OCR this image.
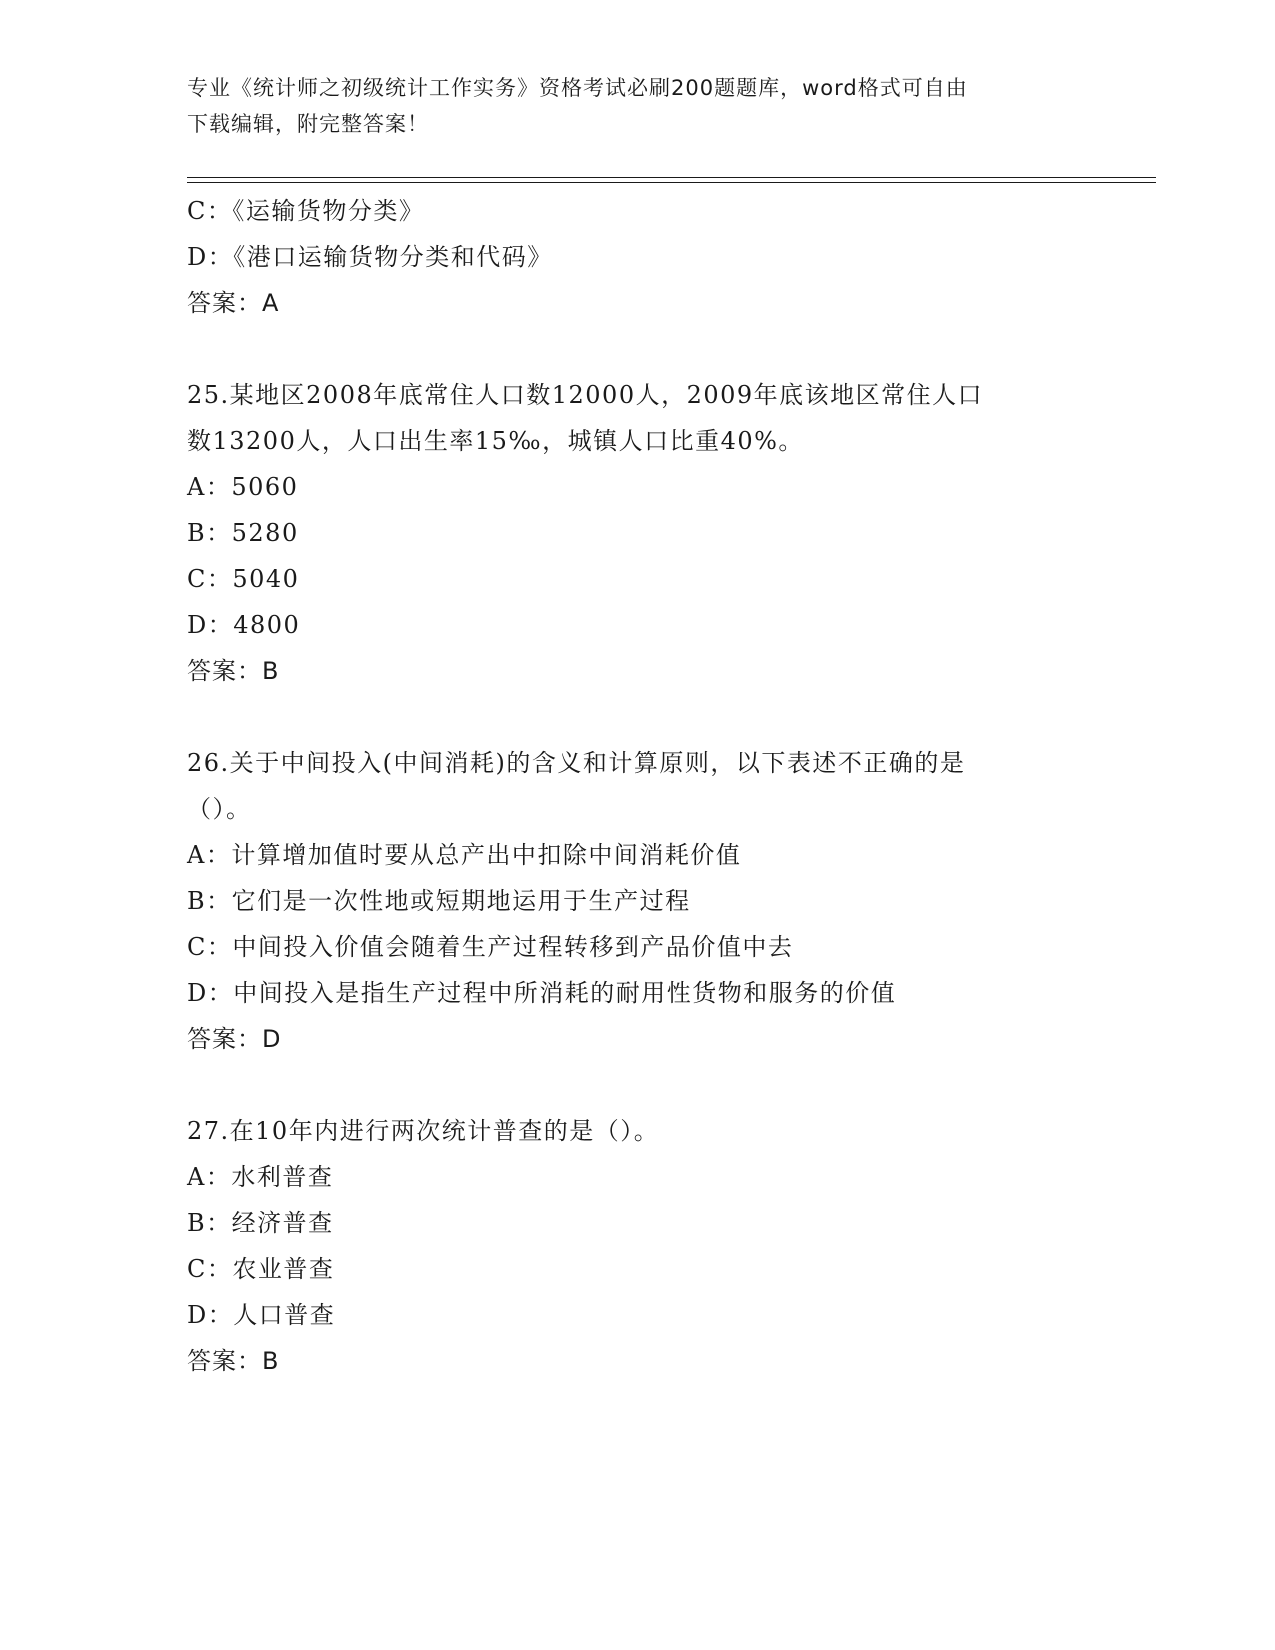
专业《统计师之初级统计工作实务》资格考试必刷200题题库，word格式可自由
下载编辑，附完整答案！
C：《运输货物分类》
D：《港口运输货物分类和代码》
答案：A
25.某地区2008年底常住人口数12000人，2009年底该地区常住人口
数13200人，人口出生率15‰，城镇人口比重40%。
A：5060
B：5280
C：5040
D：4800
答案：B
26.关于中间投入(中间消耗)的含义和计算原则，以下表述不正确的是
（）。
A：计算增加值时要从总产出中扣除中间消耗价值
B：它们是一次性地或短期地运用于生产过程
C：中间投入价值会随着生产过程转移到产品价值中去
D：中间投入是指生产过程中所消耗的耐用性货物和服务的价值
答案：D
27.在10年内进行两次统计普查的是（）。
A：水利普查
B：经济普查
C：农业普查
D：人口普查
答案：B
